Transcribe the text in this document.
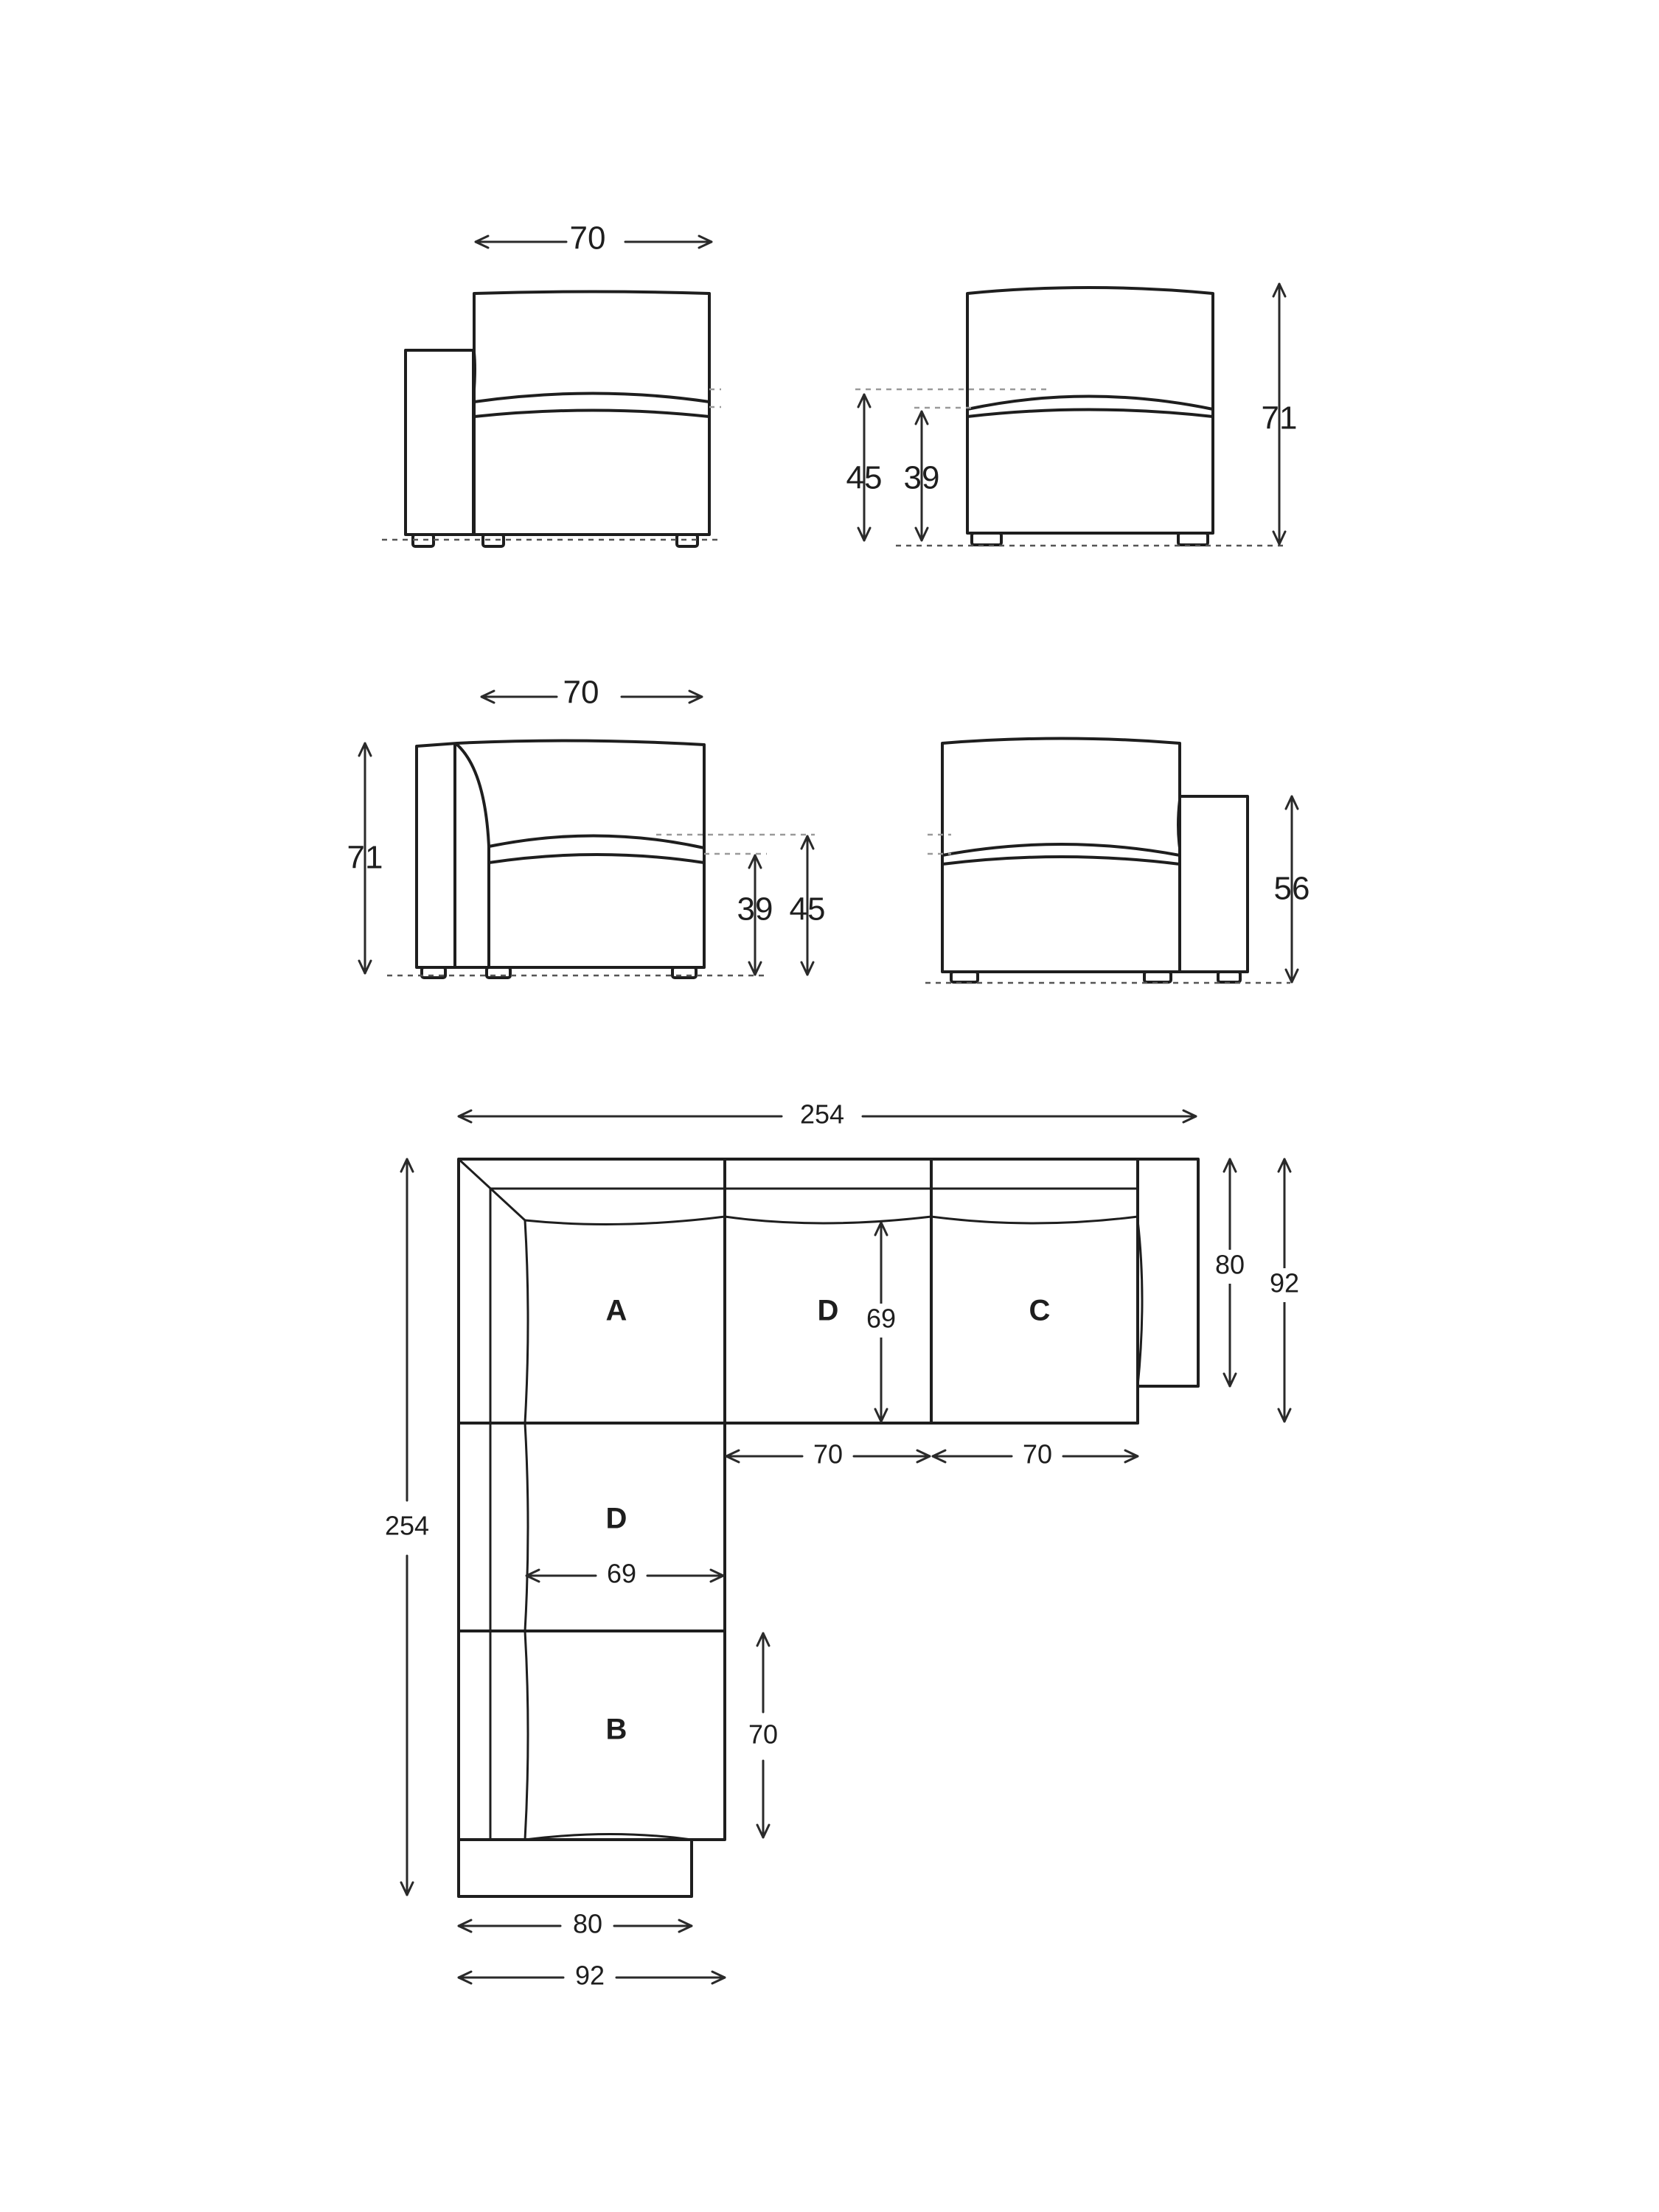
70
45 39
71
70
71
39 45
56
A	D	C
D
B
254
254
69
80
92
70	70
69
70
80
92
